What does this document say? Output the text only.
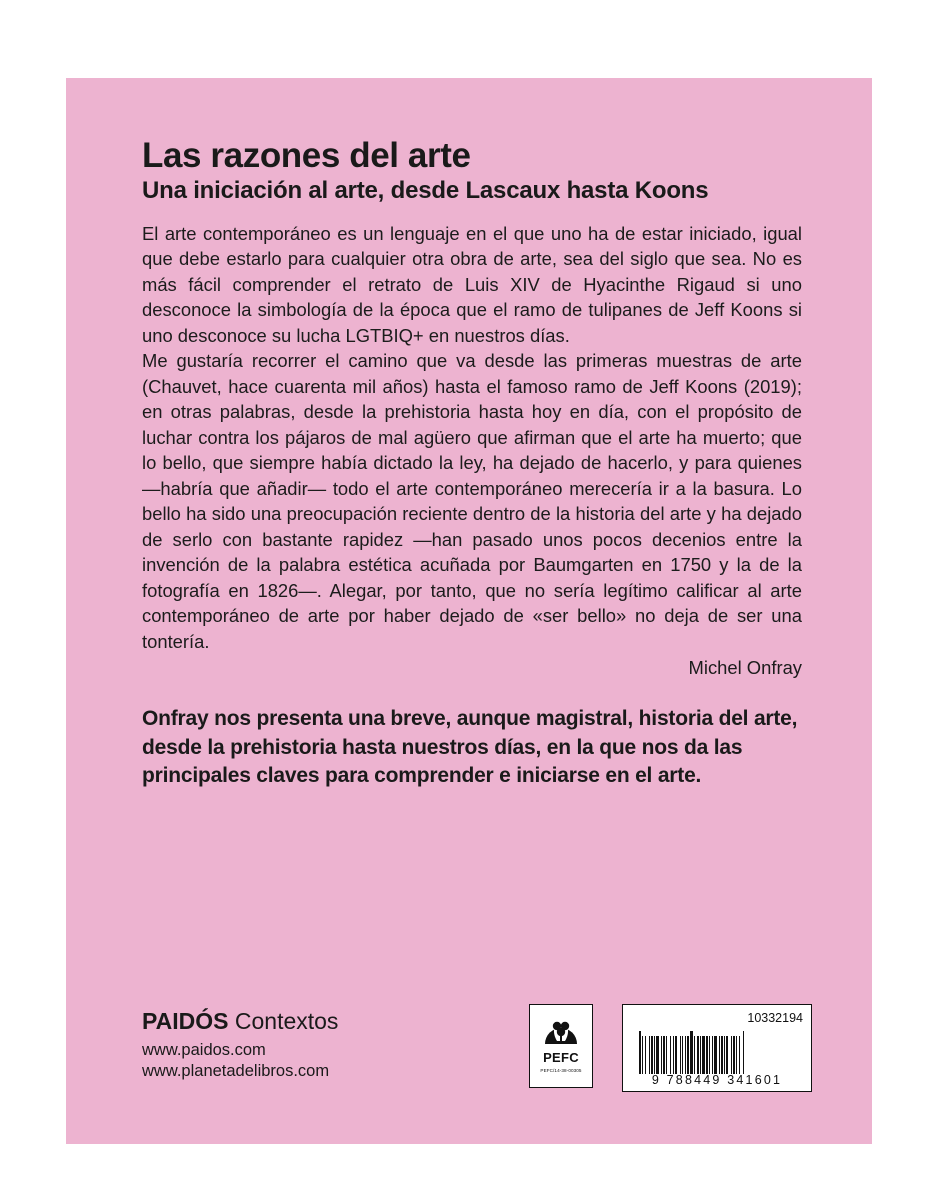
Las razones del arte
Una iniciación al arte, desde Lascaux hasta Koons

El arte contemporáneo es un lenguaje en el que uno ha de estar iniciado, igual que debe estarlo para cualquier otra obra de arte, sea del siglo que sea. No es más fácil comprender el retrato de Luis XIV de Hyacinthe Rigaud si uno desconoce la simbología de la época que el ramo de tulipanes de Jeff Koons si uno desconoce su lucha LGTBIQ+ en nuestros días.

Me gustaría recorrer el camino que va desde las primeras muestras de arte (Chauvet, hace cuarenta mil años) hasta el famoso ramo de Jeff Koons (2019); en otras palabras, desde la prehistoria hasta hoy en día, con el propósito de luchar contra los pájaros de mal agüero que afirman que el arte ha muerto; que lo bello, que siempre había dictado la ley, ha dejado de hacerlo, y para quienes —habría que añadir— todo el arte contemporáneo merecería ir a la basura. Lo bello ha sido una preocupación reciente dentro de la historia del arte y ha dejado de serlo con bastante rapidez —han pasado unos pocos decenios entre la invención de la palabra estética acuñada por Baumgarten en 1750 y la de la fotografía en 1826—. Alegar, por tanto, que no sería legítimo calificar al arte contemporáneo de arte por haber dejado de «ser bello» no deja de ser una tontería.

Michel Onfray
Onfray nos presenta una breve, aunque magistral, historia del arte, desde la prehistoria hasta nuestros días, en la que nos da las principales claves para comprender e iniciarse en el arte.
PAIDÓS Contextos
www.paidos.com
www.planetadelibros.com
PEFC
PEFC/14-38-00305
10332194
9 788449 341601
